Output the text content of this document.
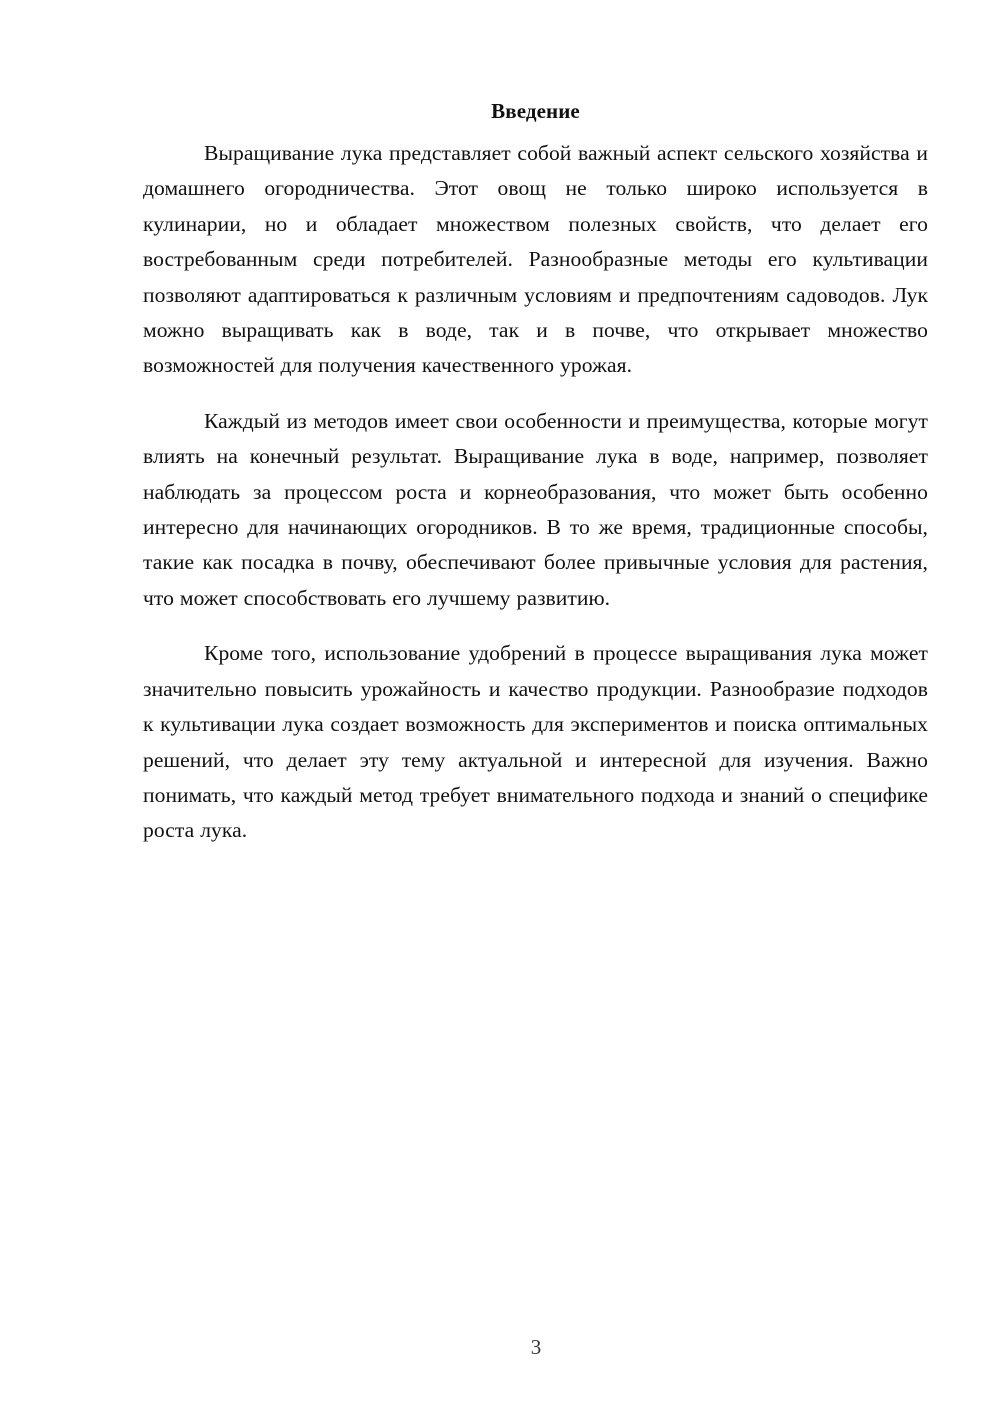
Введение

Выращивание лука представляет собой важный аспект сельского хозяйства и домашнего огородничества. Этот овощ не только широко используется в кулинарии, но и обладает множеством полезных свойств, что делает его востребованным среди потребителей. Разнообразные методы его культивации позволяют адаптироваться к различным условиям и предпочтениям садоводов. Лук можно выращивать как в воде, так и в почве, что открывает множество возможностей для получения качественного урожая.

Каждый из методов имеет свои особенности и преимущества, которые могут влиять на конечный результат. Выращивание лука в воде, например, позволяет наблюдать за процессом роста и корнеобразования, что может быть особенно интересно для начинающих огородников. В то же время, традиционные способы, такие как посадка в почву, обеспечивают более привычные условия для растения, что может способствовать его лучшему развитию.

Кроме того, использование удобрений в процессе выращивания лука может значительно повысить урожайность и качество продукции. Разнообразие подходов к культивации лука создает возможность для экспериментов и поиска оптимальных решений, что делает эту тему актуальной и интересной для изучения. Важно понимать, что каждый метод требует внимательного подхода и знаний о специфике роста лука.

3
